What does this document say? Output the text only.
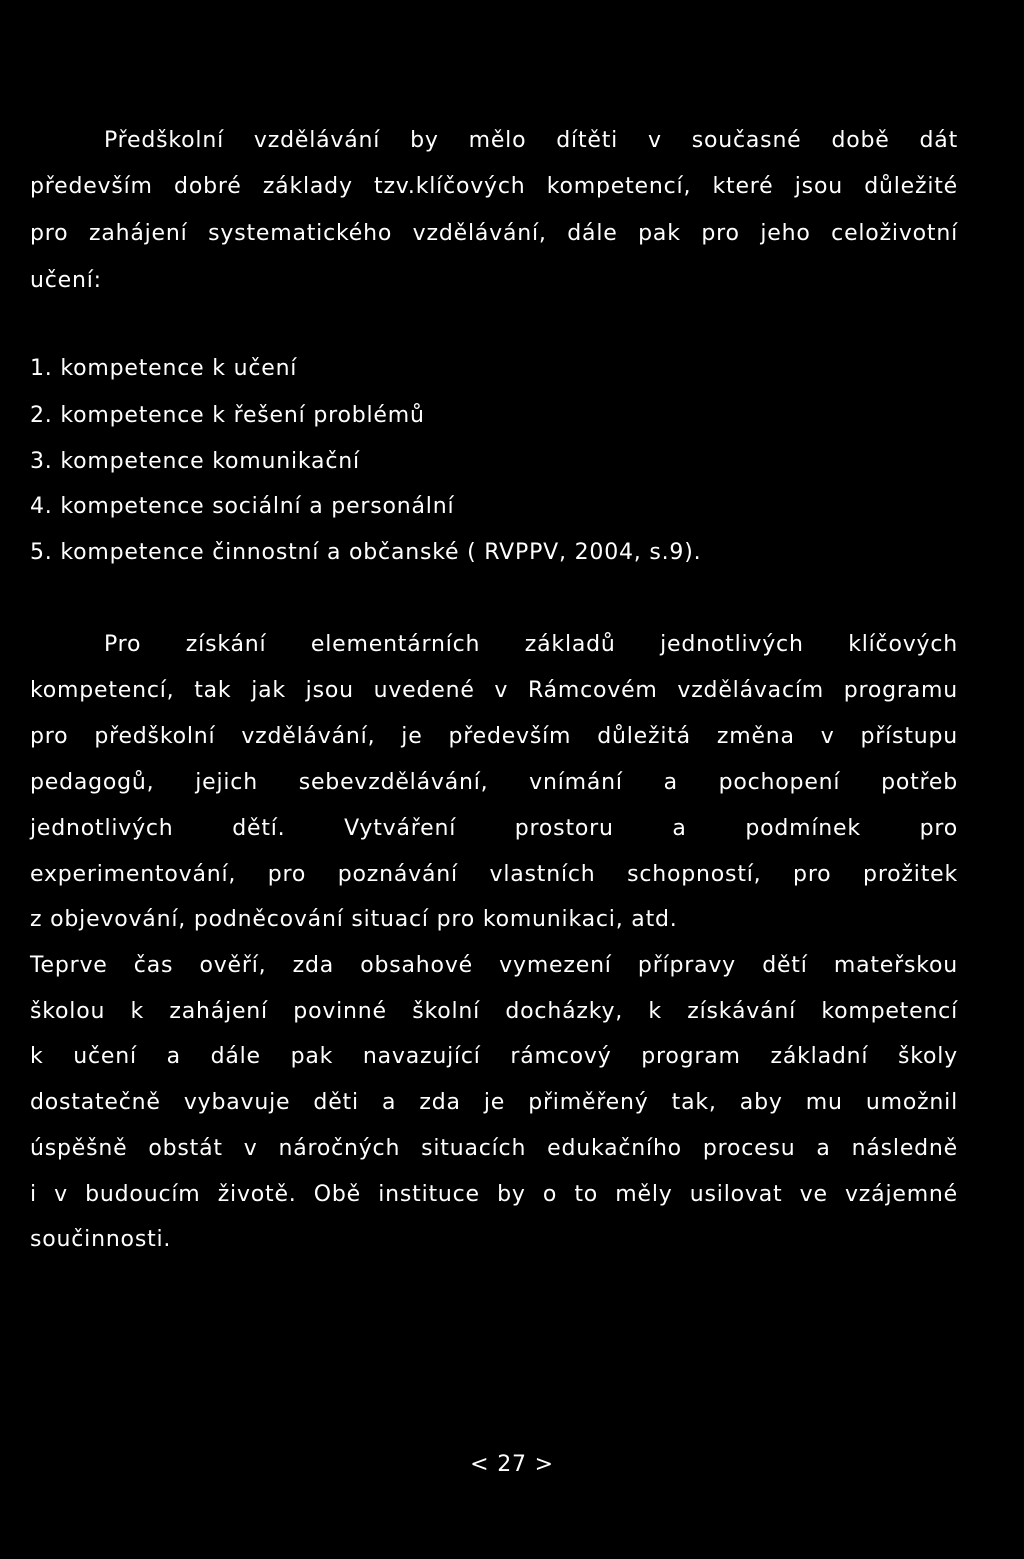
Předškolní vzdělávání by mělo dítěti v současné době dát

především dobré základy tzv.klíčových kompetencí, které jsou důležité

pro zahájení systematického vzdělávání, dále pak pro jeho celoživotní

učení:

1. kompetence k učení

2. kompetence k řešení problémů

3. kompetence komunikační

4. kompetence sociální a personální

5. kompetence činnostní a občanské ( RVPPV, 2004, s.9).

Pro získání elementárních základů jednotlivých klíčových

kompetencí, tak jak jsou uvedené v Rámcovém vzdělávacím programu

pro předškolní vzdělávání, je především důležitá změna v přístupu

pedagogů, jejich sebevzdělávání, vnímání a pochopení potřeb

jednotlivých dětí. Vytváření prostoru a podmínek pro

experimentování, pro poznávání vlastních schopností, pro prožitek

z objevování, podněcování situací pro komunikaci, atd.

Teprve čas ověří, zda obsahové vymezení přípravy dětí mateřskou

školou k zahájení povinné školní docházky, k získávání kompetencí

k učení a dále pak navazující rámcový program základní školy

dostatečně vybavuje děti a zda je přiměřený tak, aby mu umožnil

úspěšně obstát v náročných situacích edukačního procesu a následně

i v budoucím životě. Obě instituce by o to měly usilovat ve vzájemné

součinnosti.

< 27 >
